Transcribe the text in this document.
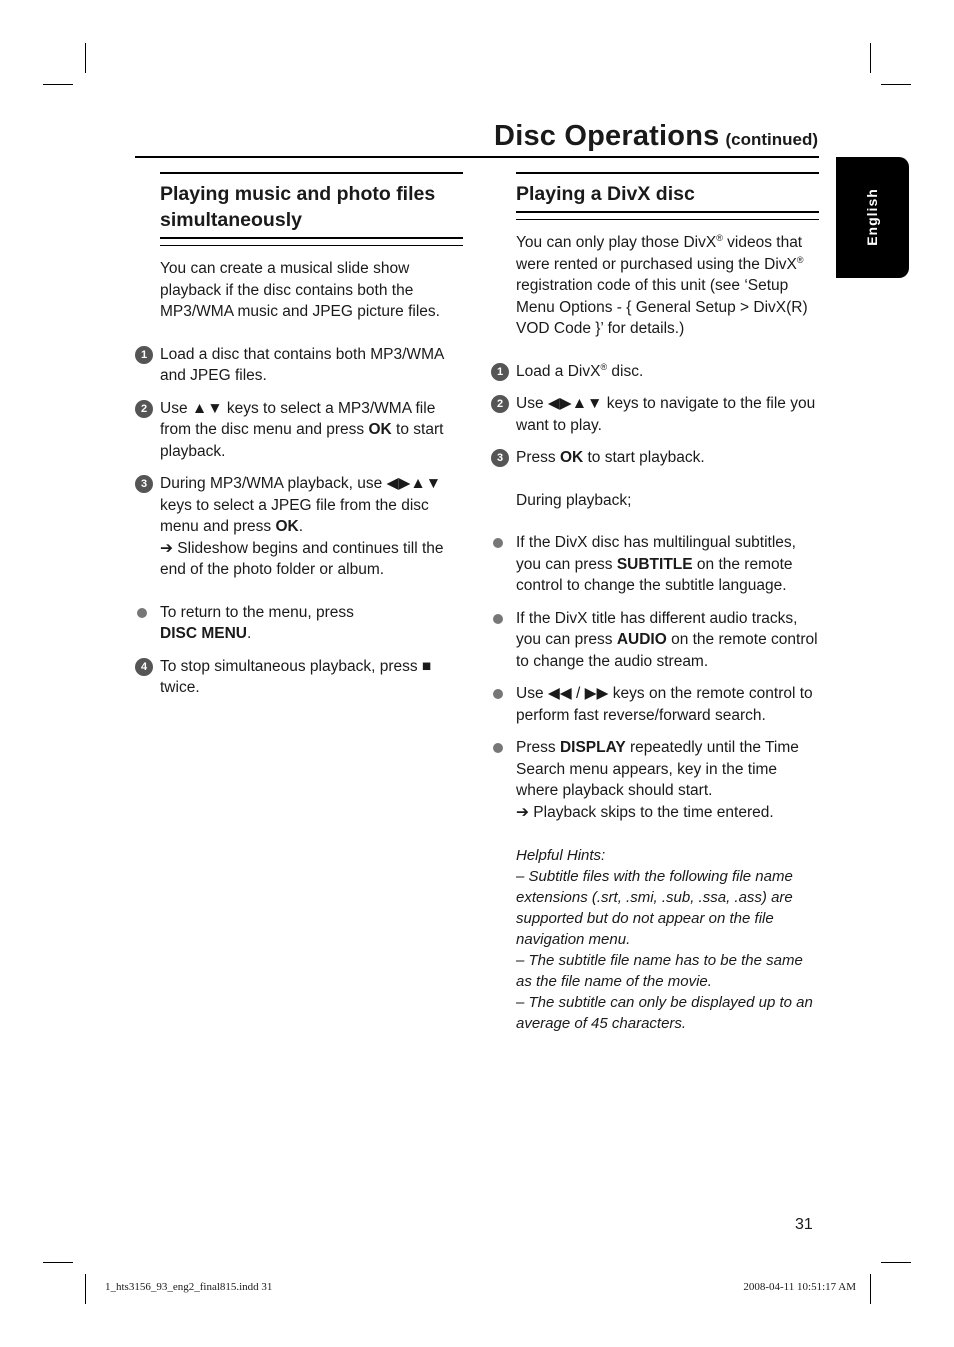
Disc Operations (continued)
English
Playing music and photo files simultaneously
You can create a musical slide show playback if the disc contains both the MP3/WMA music and JPEG picture files.
1 Load a disc that contains both MP3/WMA and JPEG files.
2 Use ▲▼ keys to select a MP3/WMA file from the disc menu and press OK to start playback.
3 During MP3/WMA playback, use ◀▶▲▼ keys to select a JPEG file from the disc menu and press OK.
➔ Slideshow begins and continues till the end of the photo folder or album.
To return to the menu, press
DISC MENU.
4 To stop simultaneous playback, press ■ twice.
Playing a DivX disc
You can only play those DivX® videos that were rented or purchased using the DivX® registration code of this unit (see ‘Setup Menu Options - { General Setup > DivX(R) VOD Code }’ for details.)
1 Load a DivX® disc.
2 Use ◀▶▲▼ keys to navigate to the file you want to play.
3 Press OK to start playback.
During playback;
If the DivX disc has multilingual subtitles, you can press SUBTITLE on the remote control to change the subtitle language.
If the DivX title has different audio tracks, you can press AUDIO on the remote control to change the audio stream.
Use ◀◀ / ▶▶ keys on the remote control to perform fast reverse/forward search.
Press DISPLAY repeatedly until the Time Search menu appears, key in the time where playback should start.
➔ Playback skips to the time entered.
Helpful Hints:
– Subtitle files with the following file name extensions (.srt, .smi, .sub, .ssa, .ass) are supported but do not appear on the file navigation menu.
– The subtitle file name has to be the same as the file name of the movie.
– The subtitle can only be displayed up to an average of 45 characters.
31
1_hts3156_93_eng2_final815.indd 31	2008-04-11 10:51:17 AM
